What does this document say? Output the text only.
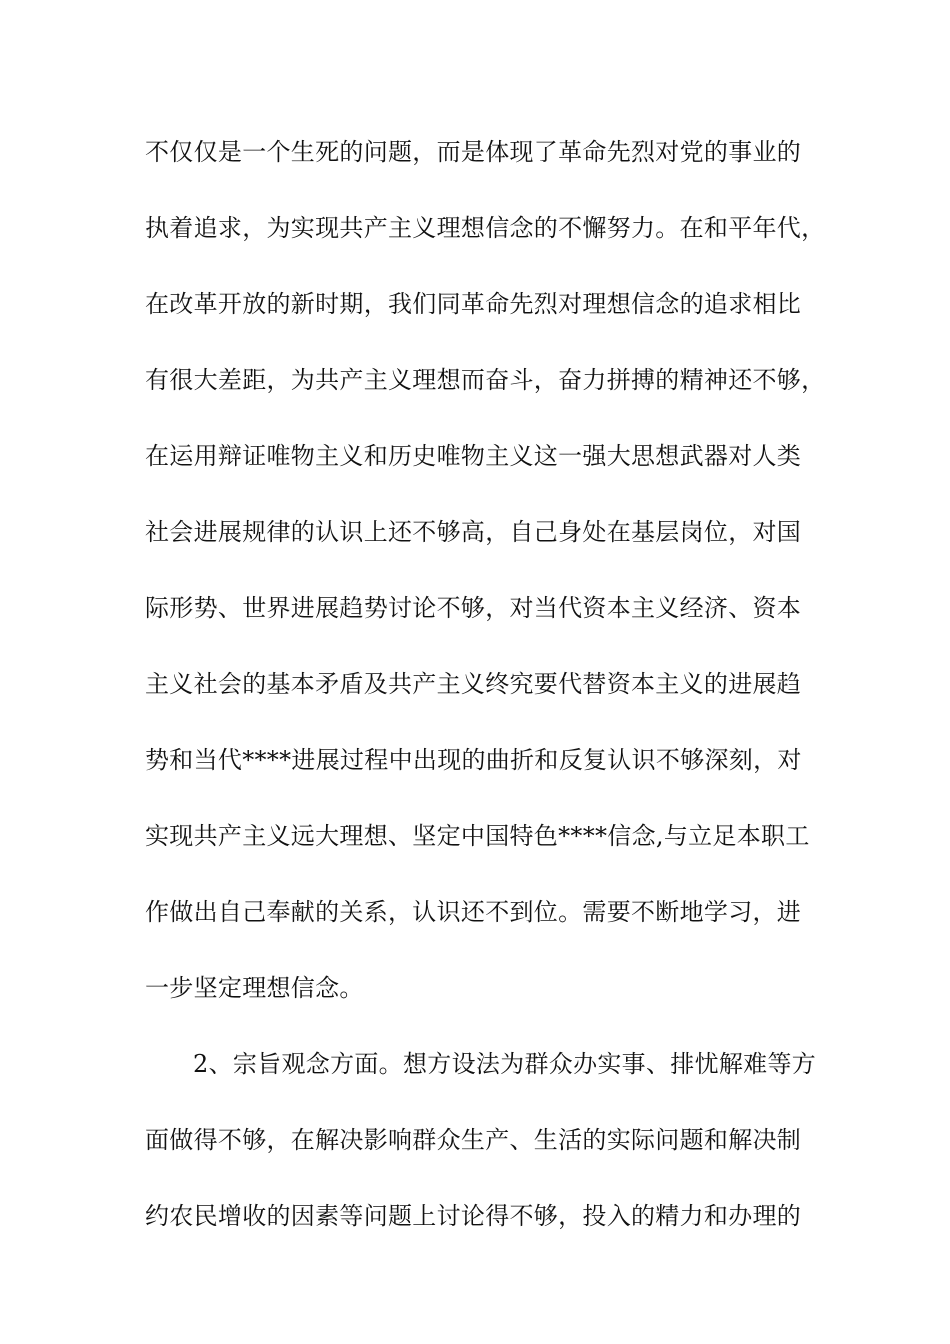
不仅仅是一个生死的问题，而是体现了革命先烈对党的事业的
执着追求，为实现共产主义理想信念的不懈努力。在和平年代，
在改革开放的新时期，我们同革命先烈对理想信念的追求相比
有很大差距，为共产主义理想而奋斗，奋力拼搏的精神还不够，
在运用辩证唯物主义和历史唯物主义这一强大思想武器对人类
社会进展规律的认识上还不够高，自己身处在基层岗位，对国
际形势、世界进展趋势讨论不够，对当代资本主义经济、资本
主义社会的基本矛盾及共产主义终究要代替资本主义的进展趋
势和当代****进展过程中出现的曲折和反复认识不够深刻，对
实现共产主义远大理想、坚定中国特色****信念,与立足本职工
作做出自己奉献的关系，认识还不到位。需要不断地学习，进
一步坚定理想信念。
2、宗旨观念方面。想方设法为群众办实事、排忧解难等方
面做得不够，在解决影响群众生产、生活的实际问题和解决制
约农民增收的因素等问题上讨论得不够，投入的精力和办理的
